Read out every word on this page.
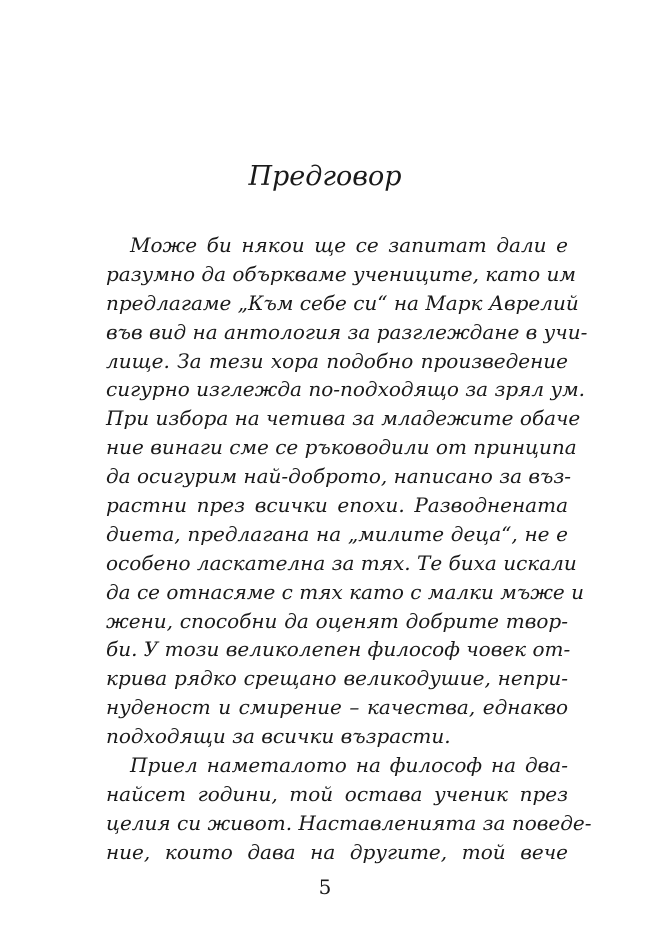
Предговор
Може би някои ще се запитат дали е
разумно да объркваме учениците, като им
предлагаме „Към себе си“ на Марк Аврелий
във вид на антология за разглеждане в учи-
лище. За тези хора подобно произведение
сигурно изглежда по-подходящо за зрял ум.
При избора на четива за младежите обаче
ние винаги сме се ръководили от принципа
да осигурим най-доброто, написано за въз-
растни през всички епохи. Разводнената
диета, предлагана на „милите деца“, не е
особено ласкателна за тях. Те биха искали
да се отнасяме с тях като с малки мъже и
жени, способни да оценят добрите твор-
би. У този великолепен философ човек от-
крива рядко срещано великодушие, непри-
нуденост и смирение – качества, еднакво
подходящи за всички възрасти.
Приел наметалото на философ на два-
найсет години, той остава ученик през
целия си живот. Наставленията за поведе-
ние, които дава на другите, той вече
5
